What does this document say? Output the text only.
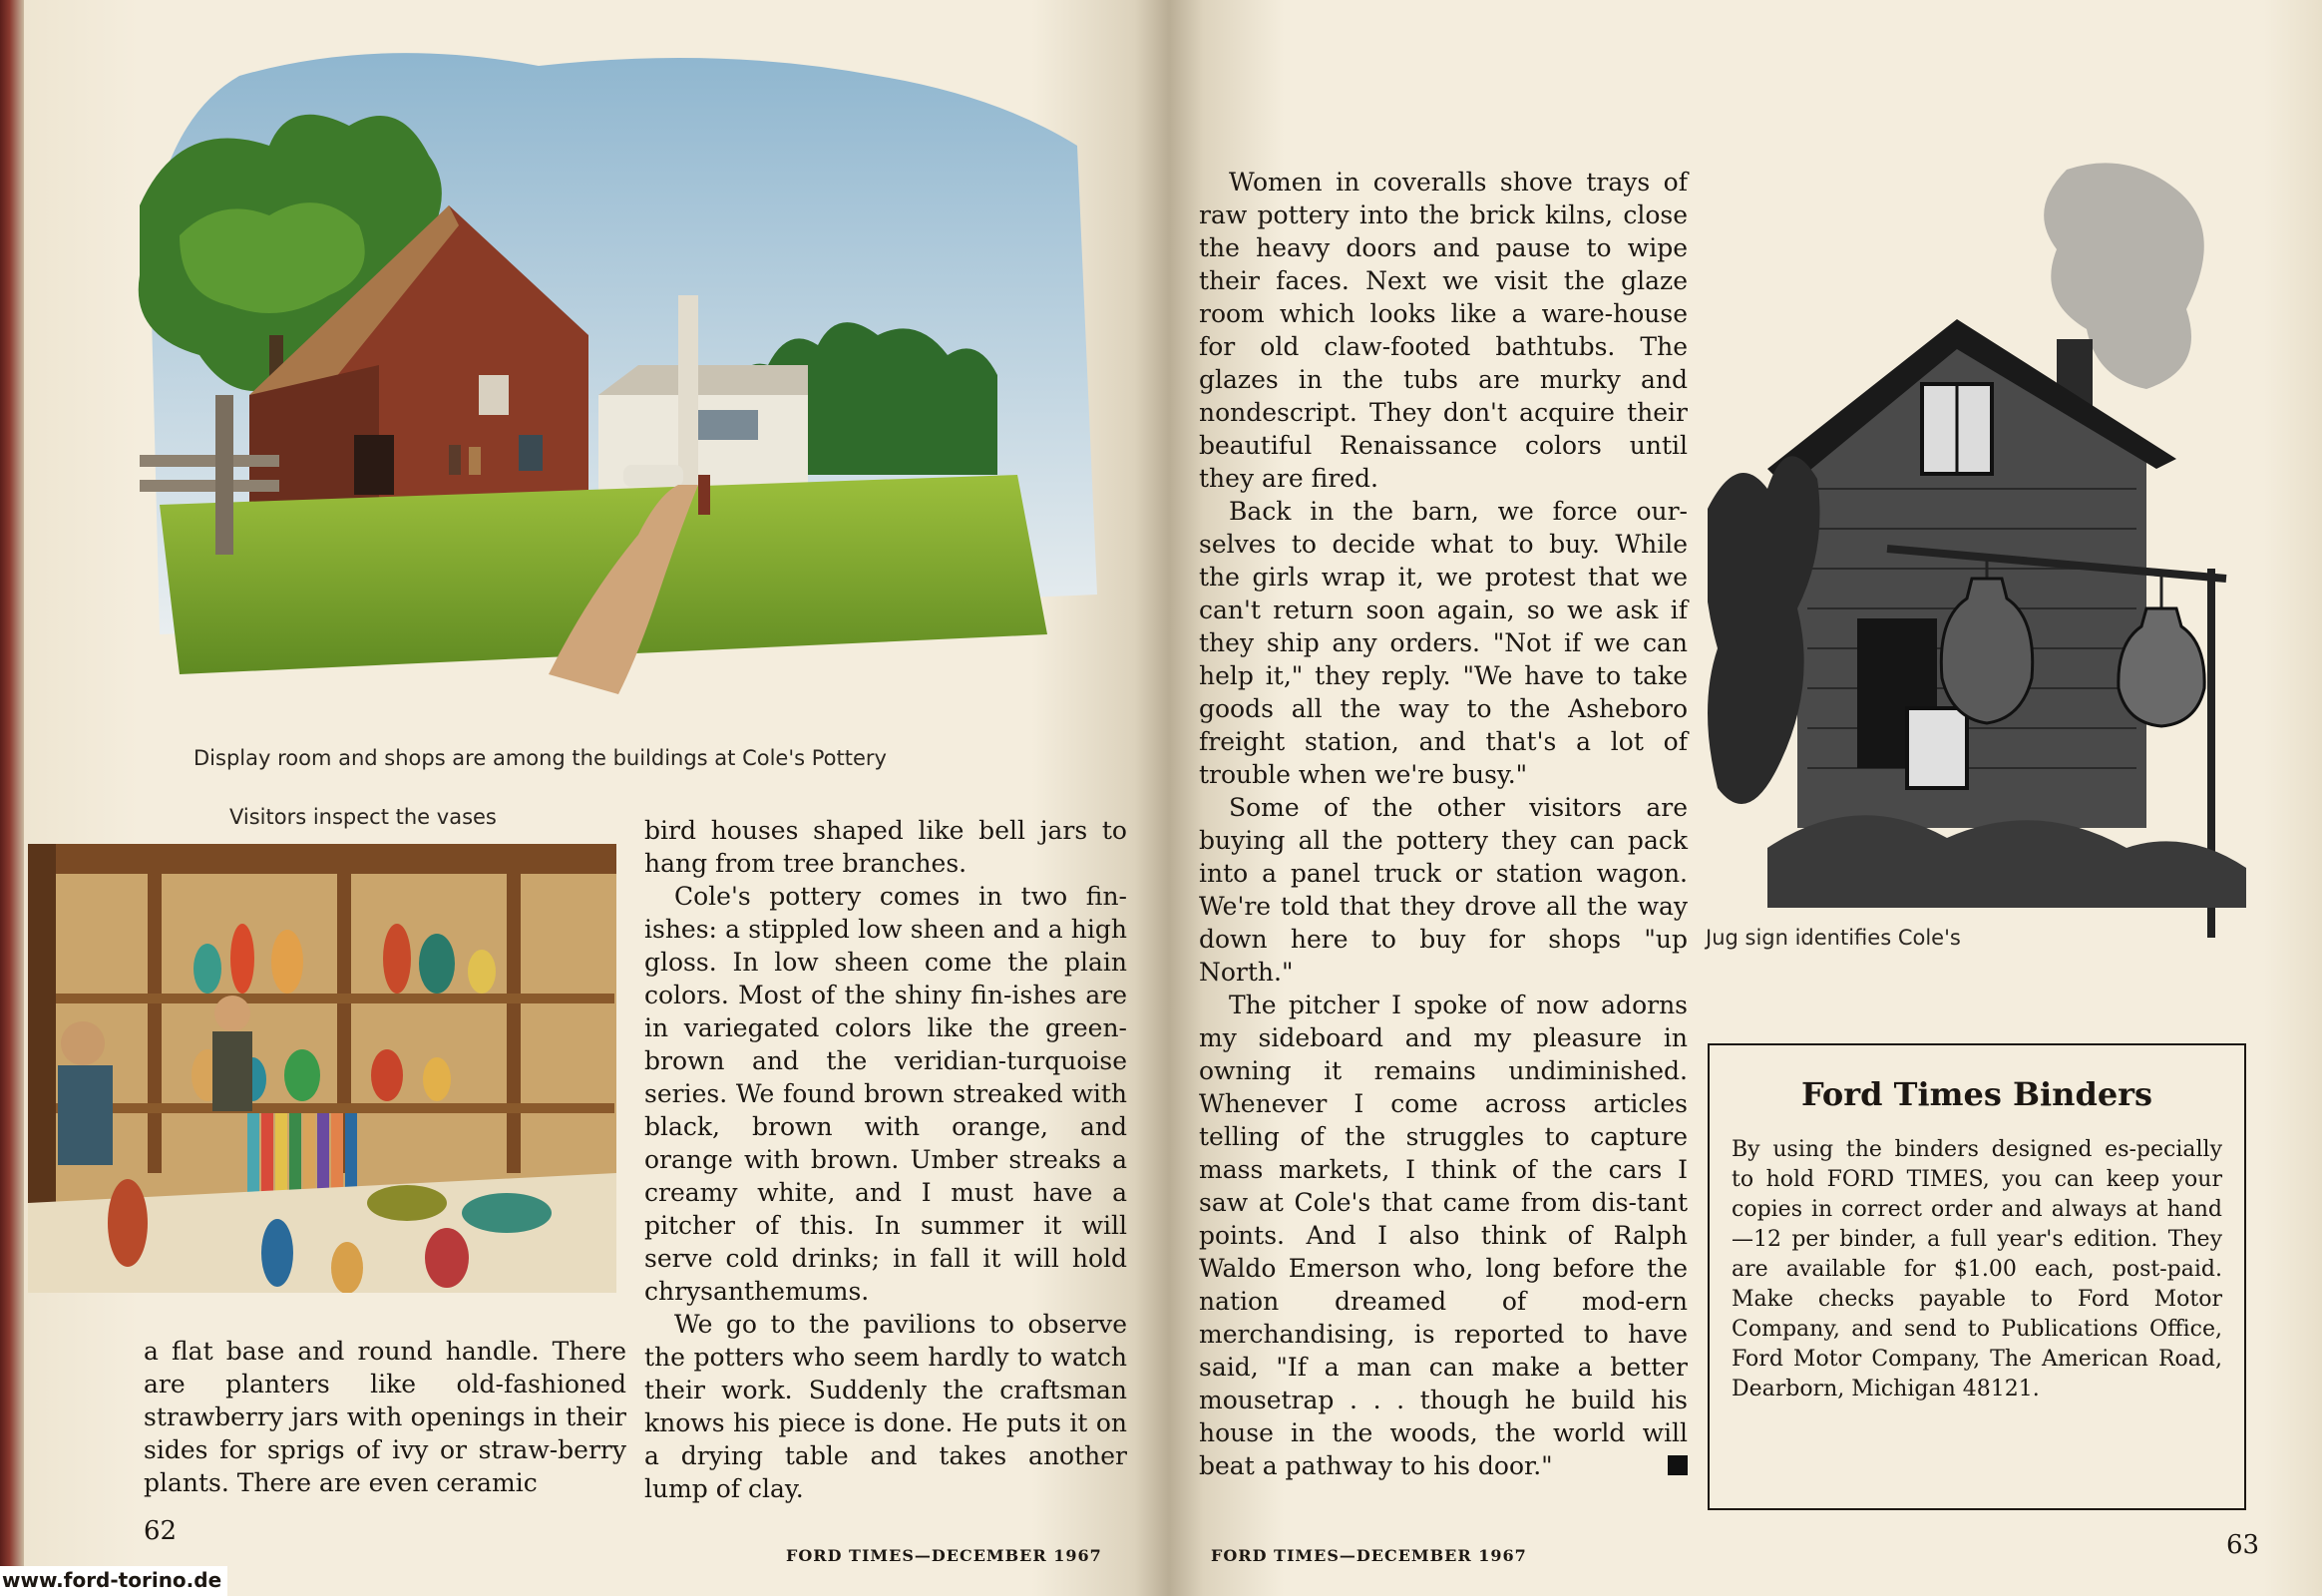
Display room and shops are among the buildings at Cole's Pottery
Visitors inspect the vases

a flat base and round handle. There are planters like old-fashioned strawberry jars with openings in their sides for sprigs of ivy or straw-berry plants. There are even ceramic

bird houses shaped like bell jars to hang from tree branches.

Cole's pottery comes in two fin-ishes: a stippled low sheen and a high gloss. In low sheen come the plain colors. Most of the shiny fin-ishes are in variegated colors like the green-brown and the veridian-turquoise series. We found brown streaked with black, brown with orange, and orange with brown. Umber streaks a creamy white, and I must have a pitcher of this. In summer it will serve cold drinks; in fall it will hold chrysanthemums.

We go to the pavilions to observe the potters who seem hardly to watch their work. Suddenly the craftsman knows his piece is done. He puts it on a drying table and takes another lump of clay.

62
FORD TIMES—DECEMBER 1967

Women in coveralls shove trays of raw pottery into the brick kilns, close the heavy doors and pause to wipe their faces. Next we visit the glaze room which looks like a ware-house for old claw-footed bathtubs. The glazes in the tubs are murky and nondescript. They don't acquire their beautiful Renaissance colors until they are fired.

Back in the barn, we force our-selves to decide what to buy. While the girls wrap it, we protest that we can't return soon again, so we ask if they ship any orders. "Not if we can help it," they reply. "We have to take goods all the way to the Asheboro freight station, and that's a lot of trouble when we're busy."

Some of the other visitors are buying all the pottery they can pack into a panel truck or station wagon. We're told that they drove all the way down here to buy for shops "up North."

The pitcher I spoke of now adorns my sideboard and my pleasure in owning it remains undiminished. Whenever I come across articles telling of the struggles to capture mass markets, I think of the cars I saw at Cole's that came from dis-tant points. And I also think of Ralph Waldo Emerson who, long before the nation dreamed of mod-ern merchandising, is reported to have said, "If a man can make a better mousetrap . . . though he build his house in the woods, the world will beat a pathway to his door."

Jug sign identifies Cole's
Ford Times Binders
By using the binders designed es-pecially to hold FORD TIMES, you can keep your copies in correct order and always at hand—12 per binder, a full year's edition. They are available for $1.00 each, post-paid. Make checks payable to Ford Motor Company, and send to Publications Office, Ford Motor Company, The American Road, Dearborn, Michigan 48121.
FORD TIMES—DECEMBER 1967	63
www.ford-torino.de
